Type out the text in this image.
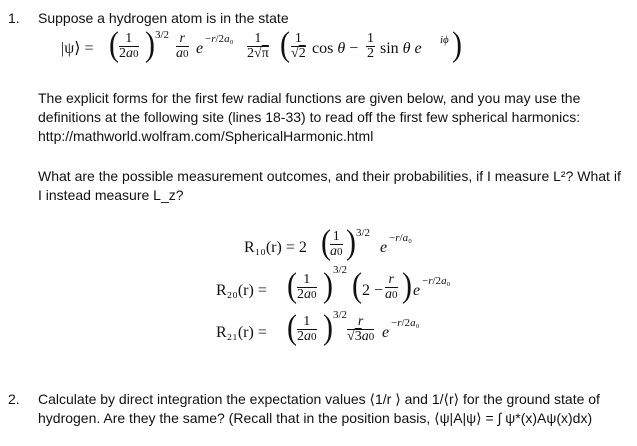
1. Suppose a hydrogen atom is in the state
|ψ⟩ = ( $\frac{1}{2a0}$ ) $3/2 \frac{r}{a0}$ e
$-r/2a_0 \frac{1}{2√\pi}$ ( $\frac{1}{√2}$ $\cos \theta - \frac{1}{2}$ sin θ e iϕ )
The explicit forms for the first few radial functions are given below, and you may use the definitions at the following site (lines 18-33) to read off the first few spherical harmonics:
http://mathworld.wolfram.com/SphericalHarmonic.html
What are the possible measurement outcomes, and their probabilities, if I measure L²? What if I instead measure L_z?
R₁₀(r) = 2 ( $\frac{1}{a0}$ ) 3/2
e
−r/a₀
R₂₀(r) = ( $\frac{1}{2a0}$ ) 3/2 ( $2 - \frac{r}{a0}$ ) e
−r/2a₀
R₂₁(r) = ( $\frac{1}{2a0}$ ) $3/2 \frac{r}{√3a0}$ e
−r/2a₀
2. Calculate by direct integration the expectation values ⟨1/r ⟩ and 1/⟨r⟩ for the ground state of hydrogen. Are they the same? (Recall that in the position basis, ⟨ψ|A|ψ⟩ = ∫ ψ*(x)Aψ(x)dx)
